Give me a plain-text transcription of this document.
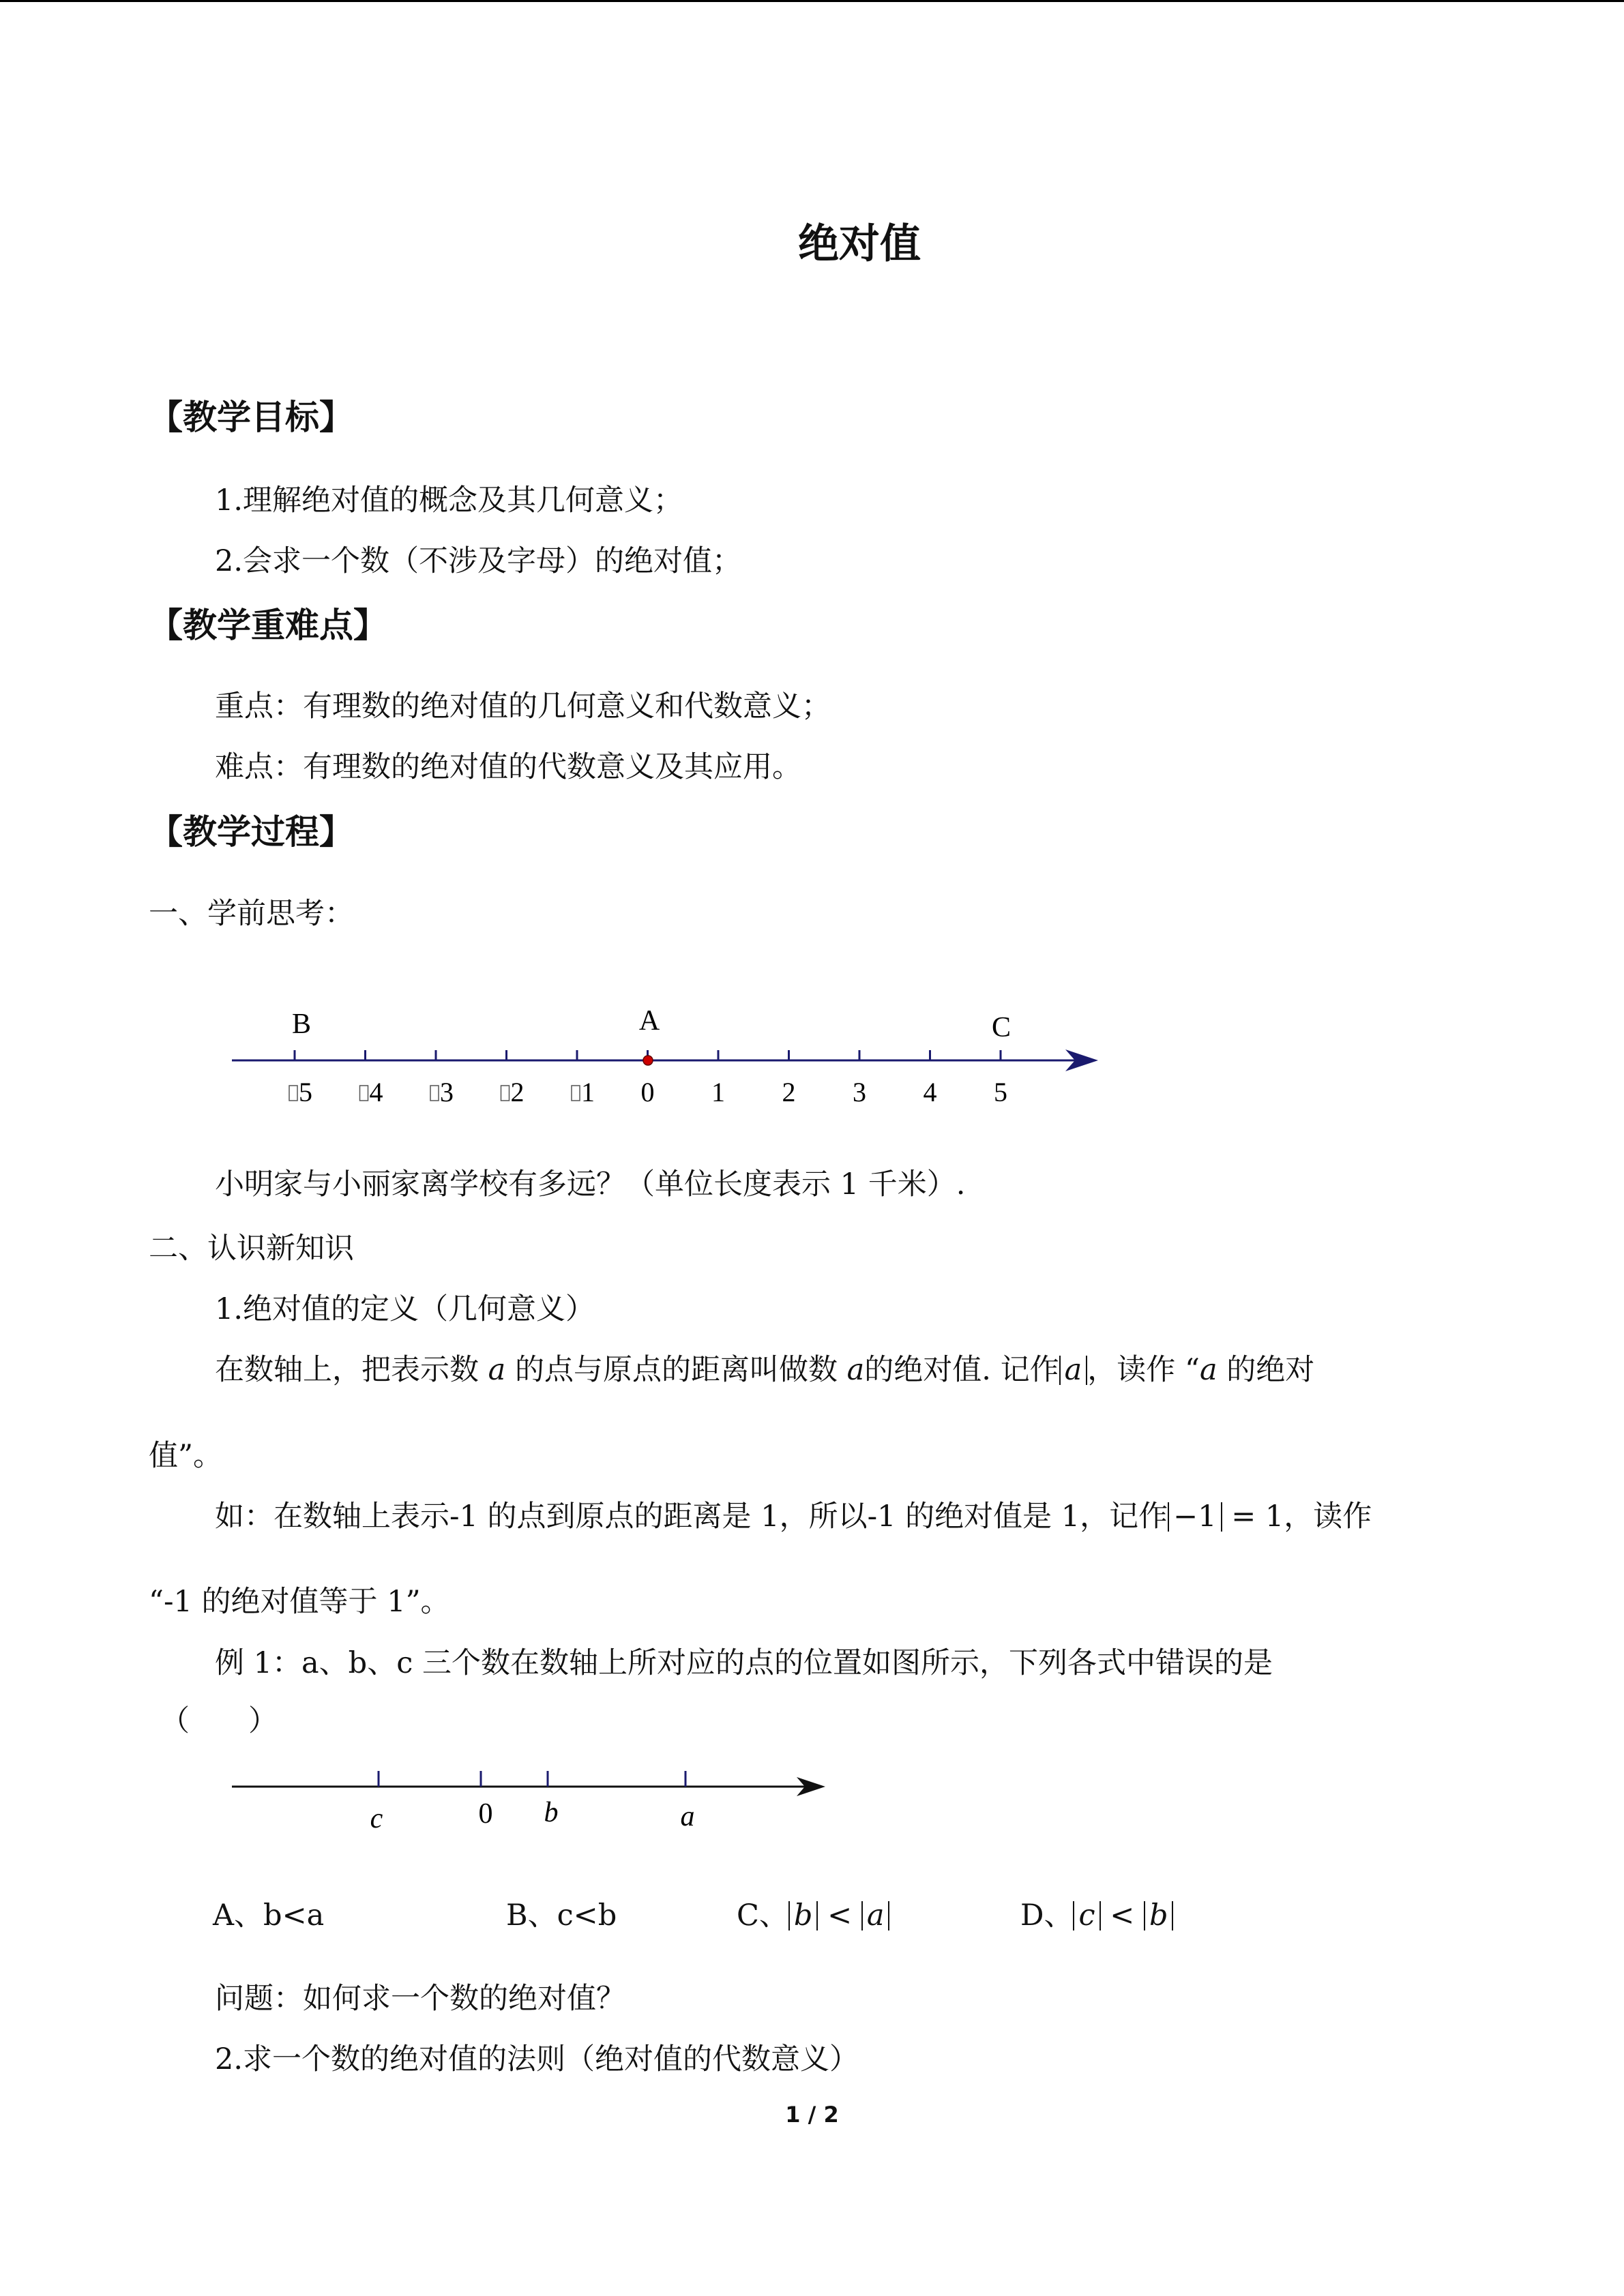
绝对值
【教学目标】
1.理解绝对值的概念及其几何意义；
2.会求一个数（不涉及字母）的绝对值；
【教学重难点】
重点：有理数的绝对值的几何意义和代数意义；
难点：有理数的绝对值的代数意义及其应用。
【教学过程】
一、学前思考：
5 4 3 2 1 0 1 2 3 4 5
B	A	C
小明家与小丽家离学校有多远？（单位长度表示 1 千米）.
二、认识新知识
1.绝对值的定义（几何意义）
在数轴上，把表示数 a 的点与原点的距离叫做数 a的绝对值. 记作 a ，读作 “a 的绝对
值”。
如：在数轴上表示-1 的点到原点的距离是 1，所以-1 的绝对值是 1，记作 −1 = 1，读作
“-1 的绝对值等于 1”。
例 1：a、b、c 三个数在数轴上所对应的点的位置如图所示，下列各式中错误的是
（　　）
c	0 b	a
A、b<a	B、c<b	C、 b < a	D、 c < b
问题：如何求一个数的绝对值？
2.求一个数的绝对值的法则（绝对值的代数意义）
1 / 2
